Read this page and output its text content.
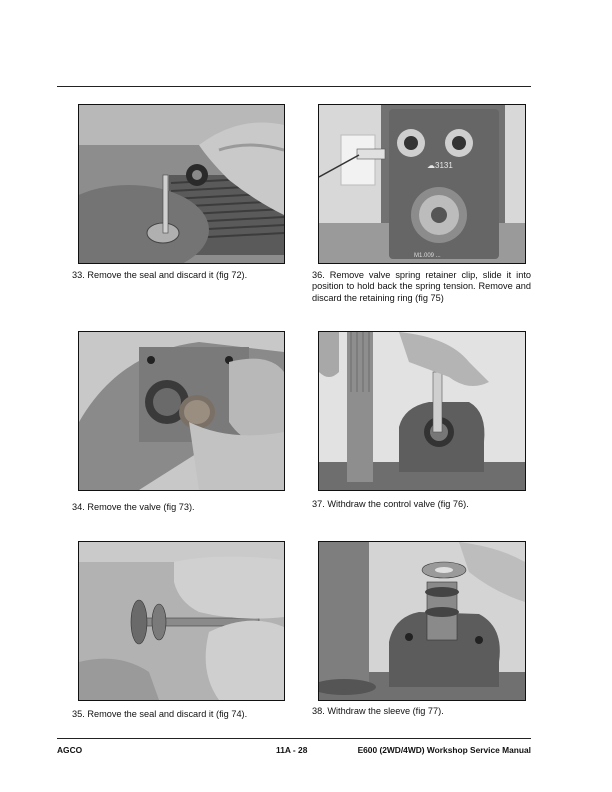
☁3131
M1.009 ...
33. Remove the seal and discard it (fig 72).	36. Remove valve spring retainer clip, slide it into position to hold back the spring tension. Remove and discard the retaining ring (fig 75)
34. Remove the valve (fig 73).	37. Withdraw the control valve (fig 76).
35. Remove the seal and discard it (fig 74).	38. Withdraw the sleeve (fig 77).
AGCO	11A - 28	E600 (2WD/4WD) Workshop Service Manual
